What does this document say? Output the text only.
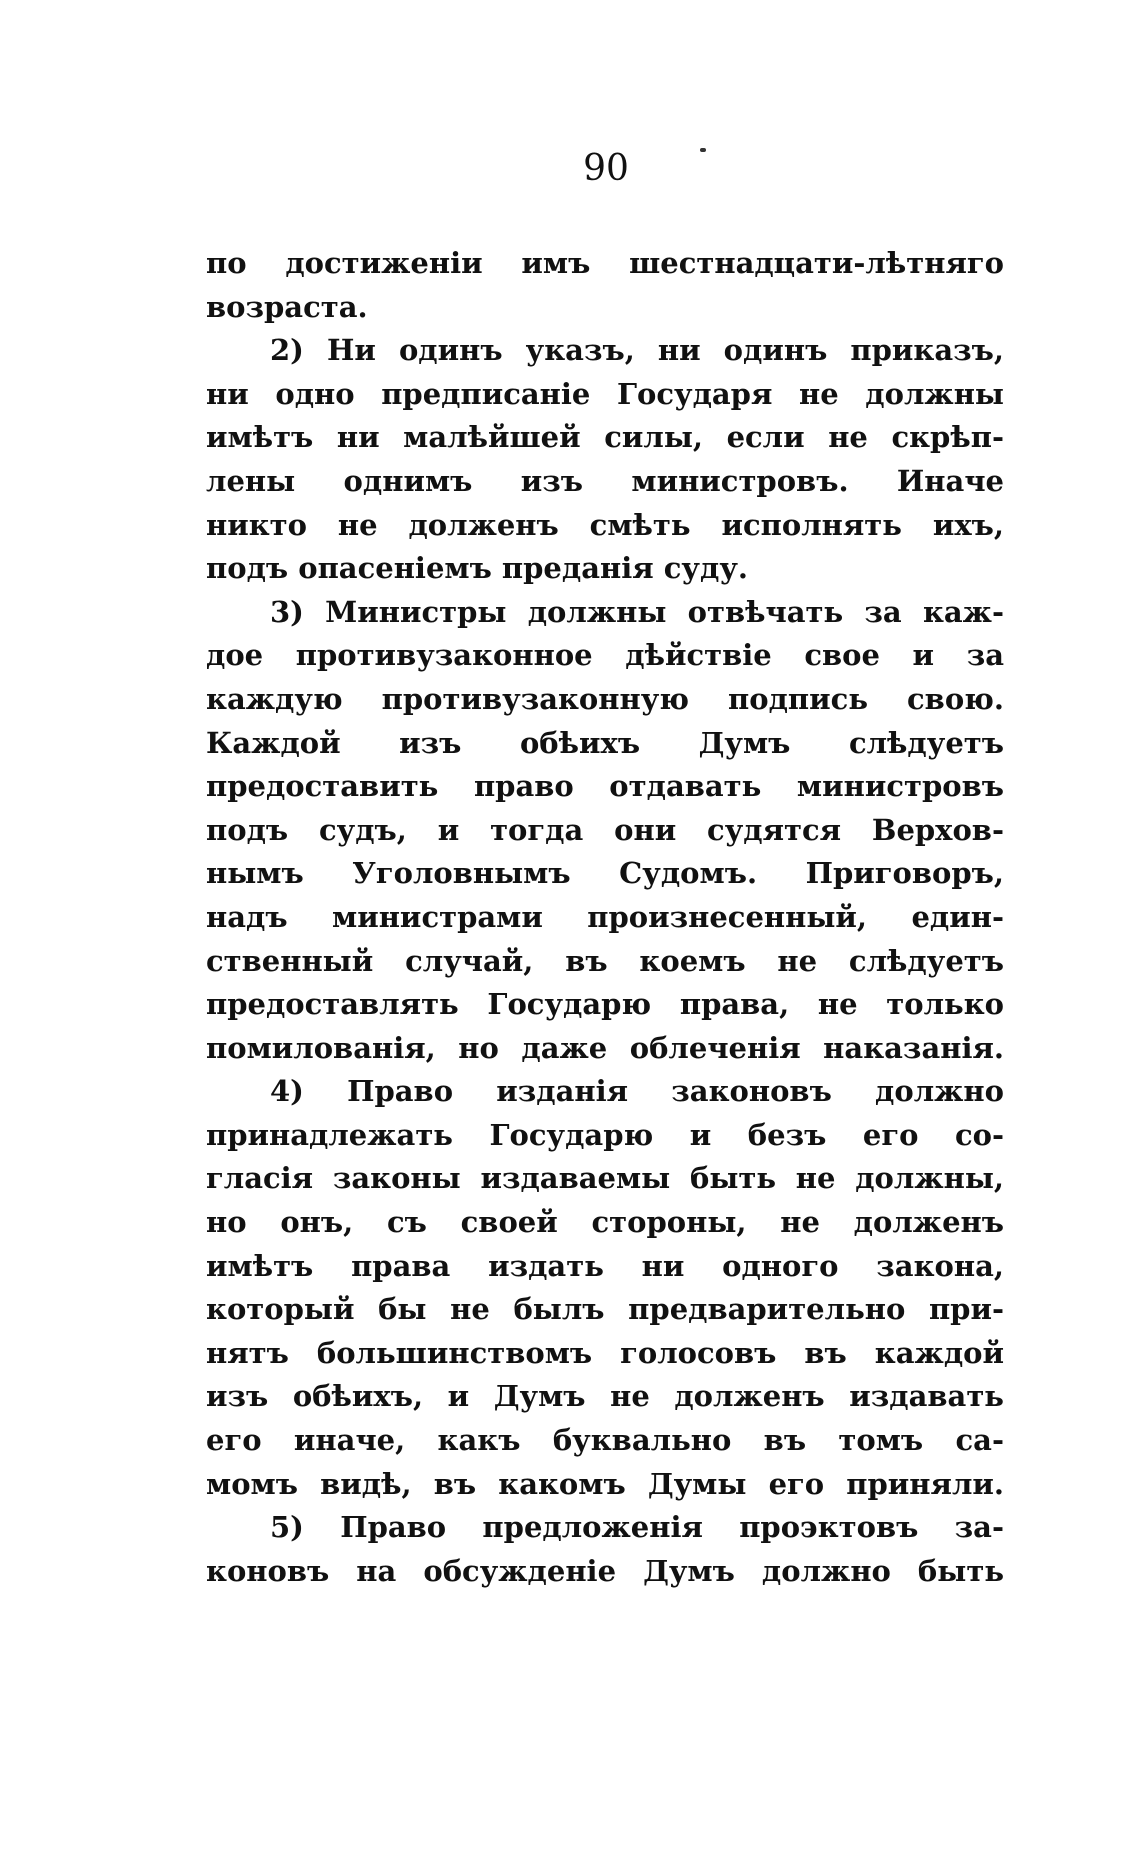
90
по достиженіи имъ шестнадцати-лѣтняго
возраста.
2) Ни одинъ указъ, ни одинъ приказъ,
ни одно предписаніе Государя не должны
имѣтъ ни малѣйшей силы, если не скрѣп-
лены однимъ изъ министровъ. Иначе
никто не долженъ смѣть исполнять ихъ,
подъ опасеніемъ преданія суду.
3) Министры должны отвѣчать за каж-
дое противузаконное дѣйствіе свое и за
каждую противузаконную подпись свою.
Каждой изъ обѣихъ Думъ слѣдуетъ
предоставить право отдавать министровъ
подъ судъ, и тогда они судятся Верхов-
нымъ Уголовнымъ Судомъ. Приговоръ,
надъ министрами произнесенный, един-
ственный случай, въ коемъ не слѣдуетъ
предоставлять Государю права, не только
помилованія, но даже облеченія наказанія.
4) Право изданія законовъ должно
принадлежать Государю и безъ его со-
гласія законы издаваемы быть не должны,
но онъ, съ своей стороны, не долженъ
имѣтъ права издать ни одного закона,
который бы не былъ предварительно при-
нятъ большинствомъ голосовъ въ каждой
изъ обѣихъ, и Думъ не долженъ издавать
его иначе, какъ буквально въ томъ са-
момъ видѣ, въ какомъ Думы его приняли.
5) Право предложенія проэктовъ за-
коновъ на обсужденіе Думъ должно быть
